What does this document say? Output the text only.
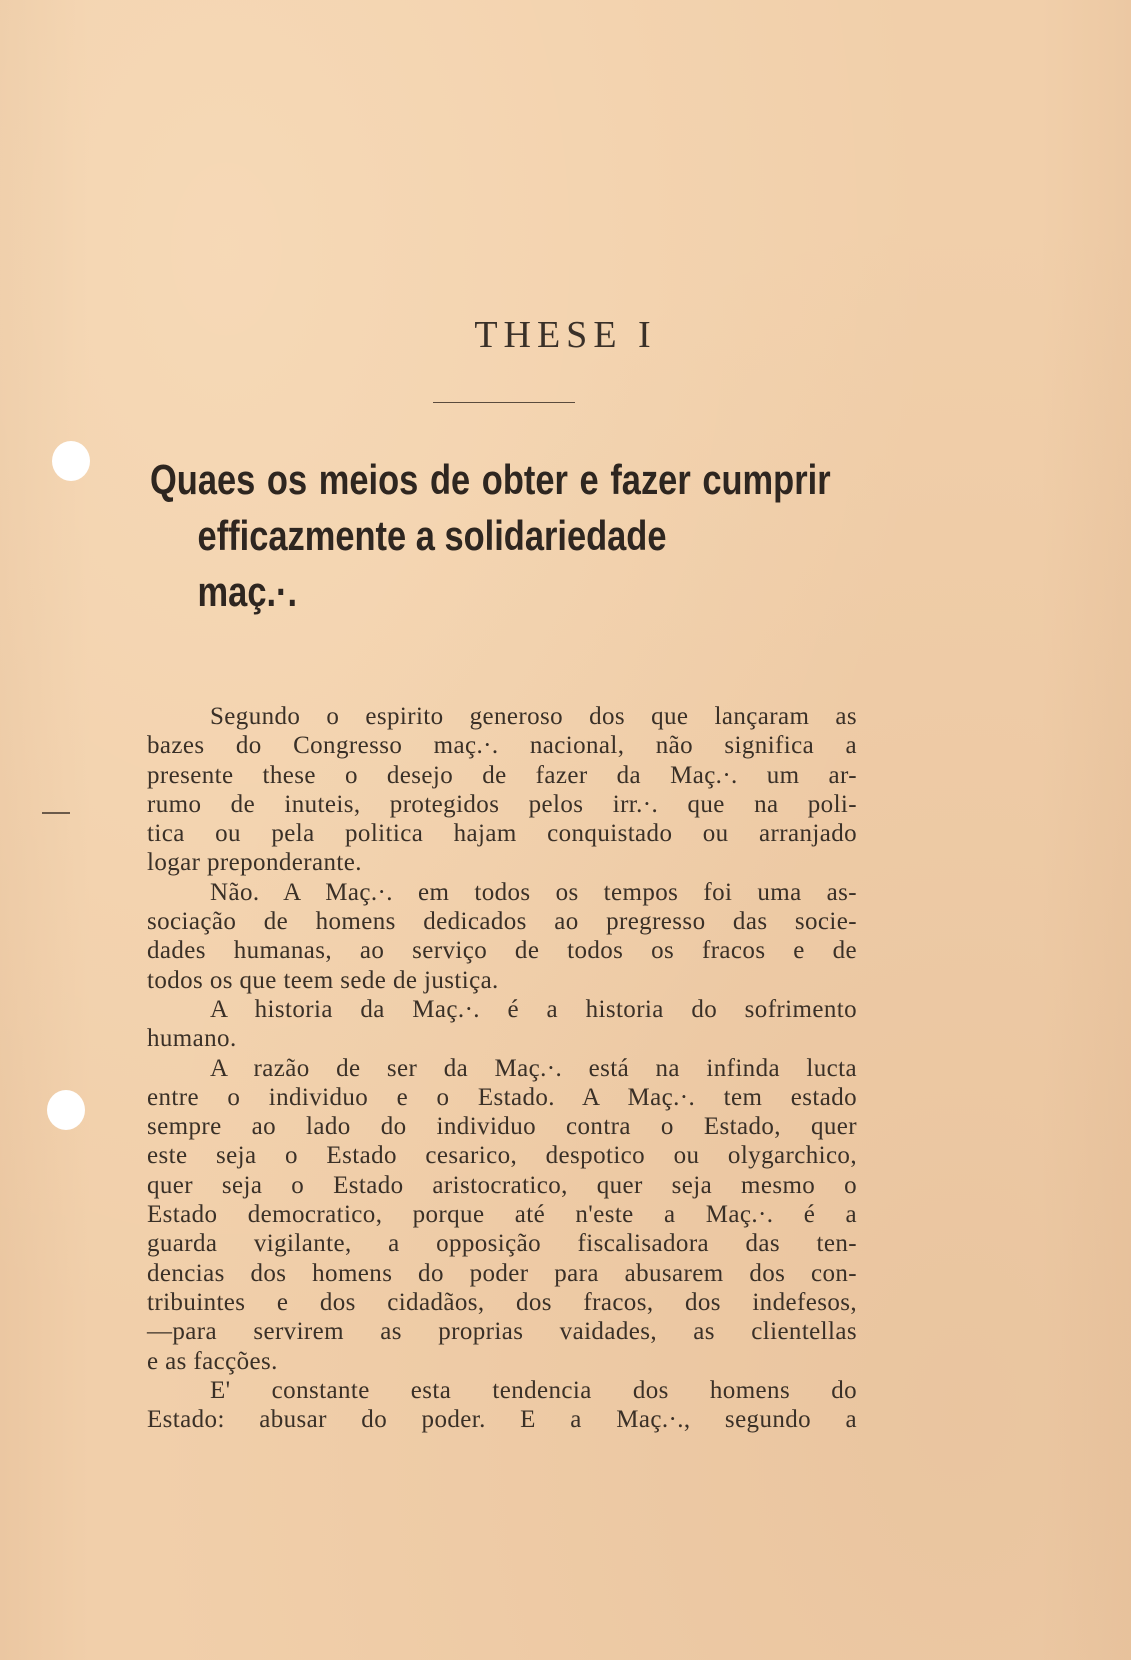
THESE I
Quaes os meios de obter e fazer cumprir
efficazmente a solidariedade maç.·.
Segundo o espirito generoso dos que lançaram as
bazes do Congresso maç.·. nacional, não significa a
presente these o desejo de fazer da Maç.·. um ar-
rumo de inuteis, protegidos pelos irr.·. que na poli-
tica ou pela politica hajam conquistado ou arranjado
logar preponderante.
Não. A Maç.·. em todos os tempos foi uma as-
sociação de homens dedicados ao pregresso das socie-
dades humanas, ao serviço de todos os fracos e de
todos os que teem sede de justiça.
A historia da Maç.·. é a historia do sofrimento
humano.
A razão de ser da Maç.·. está na infinda lucta
entre o individuo e o Estado. A Maç.·. tem estado
sempre ao lado do individuo contra o Estado, quer
este seja o Estado cesarico, despotico ou olygarchico,
quer seja o Estado aristocratico, quer seja mesmo o
Estado democratico, porque até n'este a Maç.·. é a
guarda vigilante, a opposição fiscalisadora das ten-
dencias dos homens do poder para abusarem dos con-
tribuintes e dos cidadãos, dos fracos, dos indefesos,
—para servirem as proprias vaidades, as clientellas
e as facções.
E' constante esta tendencia dos homens do
Estado: abusar do poder. E a Maç.·., segundo a
